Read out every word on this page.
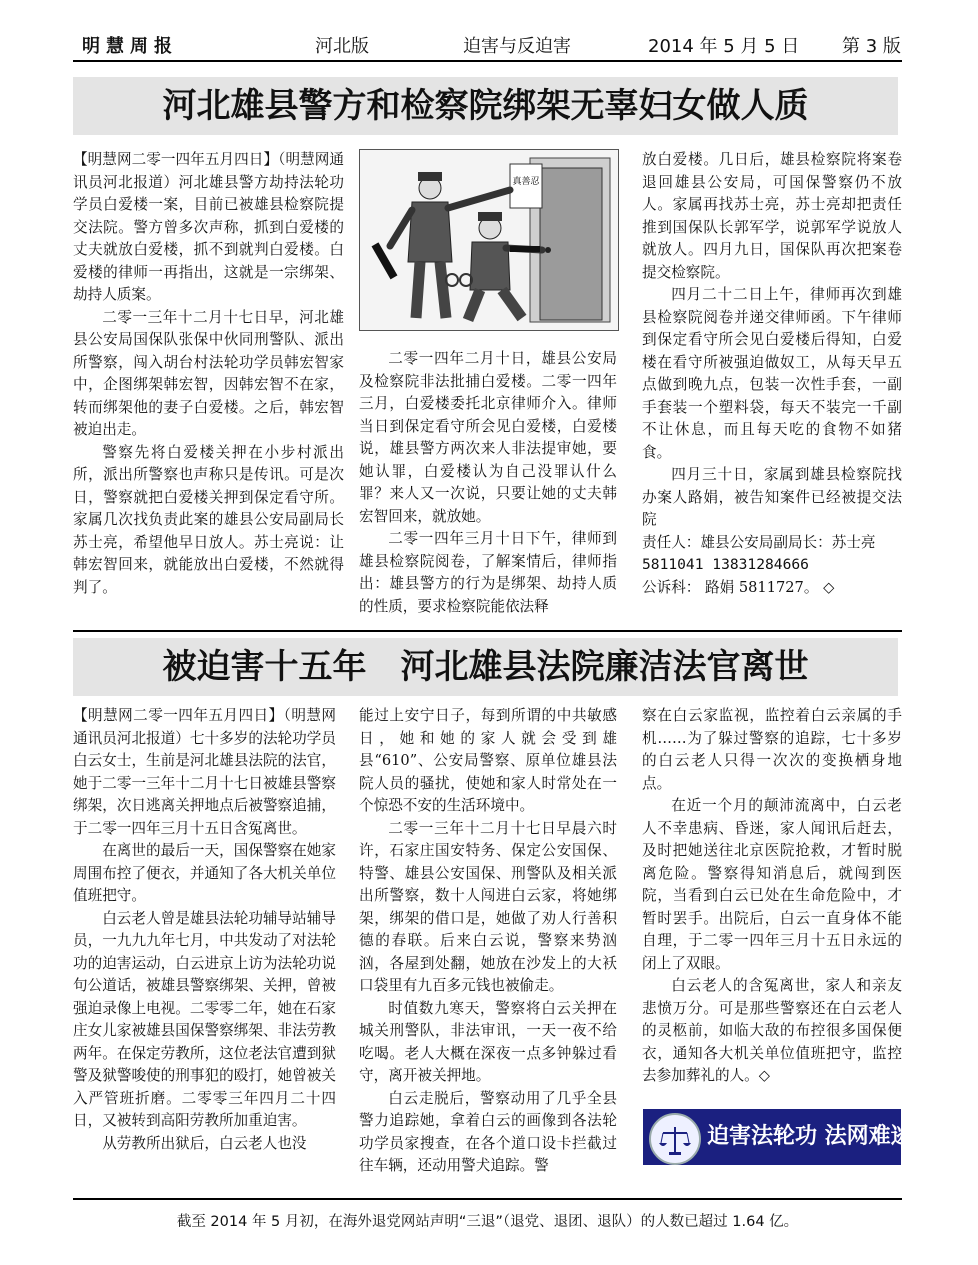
明慧周报	河北版	迫害与反迫害	2014 年 5 月 5 日 第 3 版
河北雄县警方和检察院绑架无辜妇女做人质

【明慧网二零一四年五月四日】（明慧网通讯员河北报道）河北雄县警方劫持法轮功学员白爱楼一案，目前已被雄县检察院提交法院。警方曾多次声称，抓到白爱楼的丈夫就放白爱楼，抓不到就判白爱楼。白爱楼的律师一再指出，这就是一宗绑架、劫持人质案。

二零一三年十二月十七日早，河北雄县公安局国保队张保中伙同刑警队、派出所警察，闯入胡台村法轮功学员韩宏智家中，企图绑架韩宏智，因韩宏智不在家，转而绑架他的妻子白爱楼。之后，韩宏智被迫出走。

警察先将白爱楼关押在小步村派出所，派出所警察也声称只是传讯。可是次日，警察就把白爱楼关押到保定看守所。家属几次找负责此案的雄县公安局副局长苏士亮，希望他早日放人。苏士亮说：让韩宏智回来，就能放出白爱楼，不然就得判了。

真善忍

二零一四年二月十日，雄县公安局及检察院非法批捕白爱楼。二零一四年三月，白爱楼委托北京律师介入。律师当日到保定看守所会见白爱楼，白爱楼说，雄县警方两次来人非法提审她，要她认罪，白爱楼认为自己没罪认什么罪？来人又一次说，只要让她的丈夫韩宏智回来，就放她。

二零一四年三月十日下午，律师到雄县检察院阅卷，了解案情后，律师指出：雄县警方的行为是绑架、劫持人质的性质，要求检察院能依法释

放白爱楼。几日后，雄县检察院将案卷退回雄县公安局，可国保警察仍不放人。家属再找苏士亮，苏士亮却把责任推到国保队长郭军学，说郭军学说放人就放人。四月九日，国保队再次把案卷提交检察院。

四月二十二日上午，律师再次到雄县检察院阅卷并递交律师函。下午律师到保定看守所会见白爱楼后得知，白爱楼在看守所被强迫做奴工，从每天早五点做到晚九点，包装一次性手套，一副手套装一个塑料袋，每天不装完一千副不让休息，而且每天吃的食物不如猪食。

四月三十日，家属到雄县检察院找办案人路娟，被告知案件已经被提交法院

责任人：雄县公安局副局长：苏士亮

5811041 13831284666

公诉科： 路娟 5811727。 ◇

被迫害十五年　河北雄县法院廉洁法官离世

【明慧网二零一四年五月四日】（明慧网通讯员河北报道）七十多岁的法轮功学员白云女士，生前是河北雄县法院的法官，她于二零一三年十二月十七日被雄县警察绑架，次日逃离关押地点后被警察追捕，于二零一四年三月十五日含冤离世。

在离世的最后一天，国保警察在她家周围布控了便衣，并通知了各大机关单位值班把守。

白云老人曾是雄县法轮功辅导站辅导员，一九九九年七月，中共发动了对法轮功的迫害运动，白云进京上访为法轮功说句公道话，被雄县警察绑架、关押，曾被强迫录像上电视。二零零二年，她在石家庄女儿家被雄县国保警察绑架、非法劳教两年。在保定劳教所，这位老法官遭到狱警及狱警唆使的刑事犯的殴打，她曾被关入严管班折磨。二零零三年四月二十四日，又被转到高阳劳教所加重迫害。

从劳教所出狱后，白云老人也没

能过上安宁日子，每到所谓的中共敏感日，她和她的家人就会受到雄县“610”、公安局警察、原单位雄县法院人员的骚扰，使她和家人时常处在一个惊恐不安的生活环境中。

二零一三年十二月十七日早晨六时许，石家庄国安特务、保定公安国保、特警、雄县公安国保、刑警队及相关派出所警察，数十人闯进白云家，将她绑架，绑架的借口是，她做了劝人行善积德的春联。后来白云说，警察来势汹汹，各屋到处翻，她放在沙发上的大袄口袋里有九百多元钱也被偷走。

时值数九寒天，警察将白云关押在城关刑警队，非法审讯，一天一夜不给吃喝。老人大概在深夜一点多钟躲过看守，离开被关押地。

白云走脱后，警察动用了几乎全县警力追踪她，拿着白云的画像到各法轮功学员家搜查，在各个道口设卡拦截过往车辆，还动用警犬追踪。警

察在白云家监视，监控着白云亲属的手机……为了躲过警察的追踪，七十多岁的白云老人只得一次次的变换栖身地点。

在近一个月的颠沛流离中，白云老人不幸患病、昏迷，家人闻讯后赶去，及时把她送往北京医院抢救，才暂时脱离危险。警察得知消息后，就闯到医院，当看到白云已处在生命危险中，才暂时罢手。出院后，白云一直身体不能自理，于二零一四年三月十五日永远的闭上了双眼。

白云老人的含冤离世，家人和亲友悲愤万分。可是那些警察还在白云老人的灵柩前，如临大敌的布控很多国保便衣，通知各大机关单位值班把守，监控去参加葬礼的人。◇

迫害法轮功 法网难逃
截至 2014 年 5 月初，在海外退党网站声明“三退”（退党、退团、退队）的人数已超过 1.64 亿。
